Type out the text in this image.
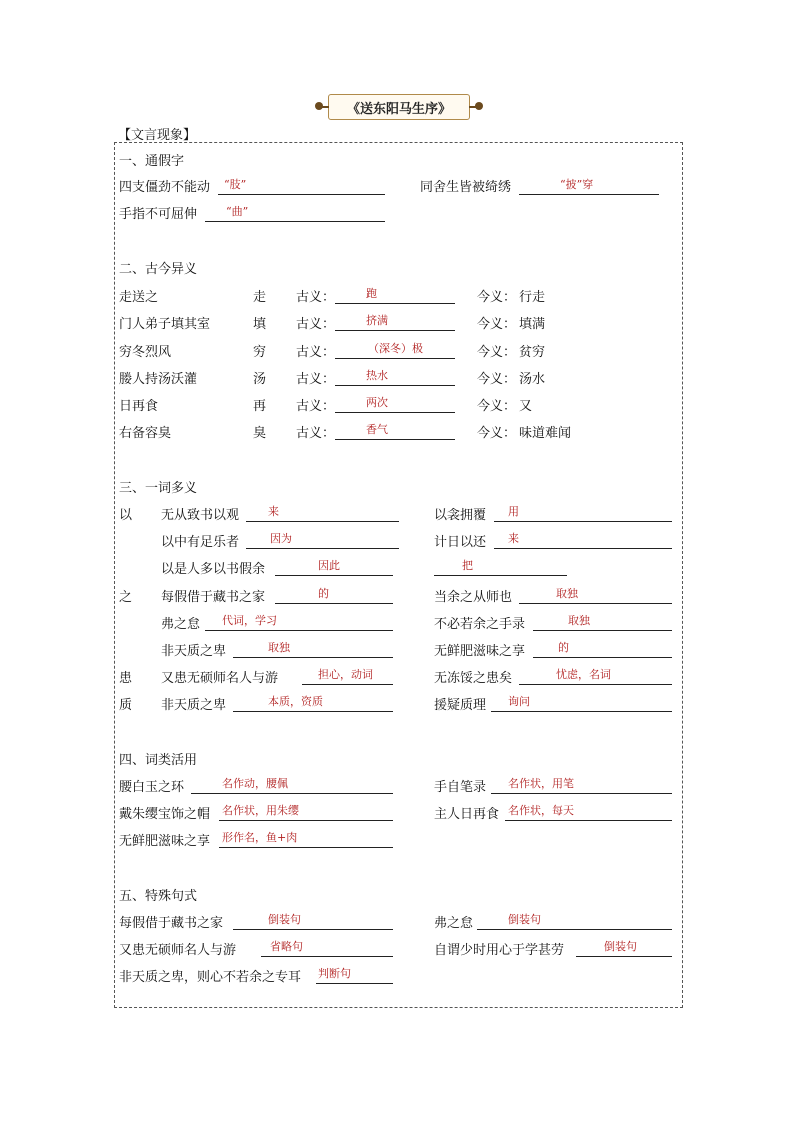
《送东阳马生序》
【文言现象】
一、通假字
四支僵劲不能动 “肢”	同舍生皆被绮绣	“披”穿
手指不可屈伸	“曲”
二、古今异义
走送之	走 古义：	跑	今义： 行走
门人弟子填其室	填 古义：	挤满	今义： 填满
穷冬烈风	穷 古义：	（深冬）极	今义： 贫穷
媵人持汤沃灌	汤 古义：	热水	今义： 汤水
日再食	再 古义：	两次	今义： 又
右备容臭	臭 古义：	香气	今义： 味道难闻
三、一词多义
以 无从致书以观	来	以衾拥覆 用
以中有足乐者	因为	计日以还 来
以是人多以书假余	因此	把
之 每假借于藏书之家	的	当余之从师也	取独
弗之怠 代词，学习	不必若余之手录	取独
非天质之卑	取独	无鲜肥滋味之享	的
患 又患无硕师名人与游	担心，动词	无冻馁之患矣	忧虑，名词
质 非天质之卑	本质，资质	援疑质理 询问
四、词类活用
腰白玉之环	名作动，腰佩	手自笔录 名作状，用笔
戴朱缨宝饰之帽 名作状，用朱缨	主人日再食 名作状，每天
无鲜肥滋味之享 形作名，鱼+肉
五、特殊句式
每假借于藏书之家	倒装句	弗之怠	倒装句
又患无硕师名人与游	省略句	自谓少时用心于学甚劳	倒装句
非天质之卑，则心不若余之专耳 判断句
